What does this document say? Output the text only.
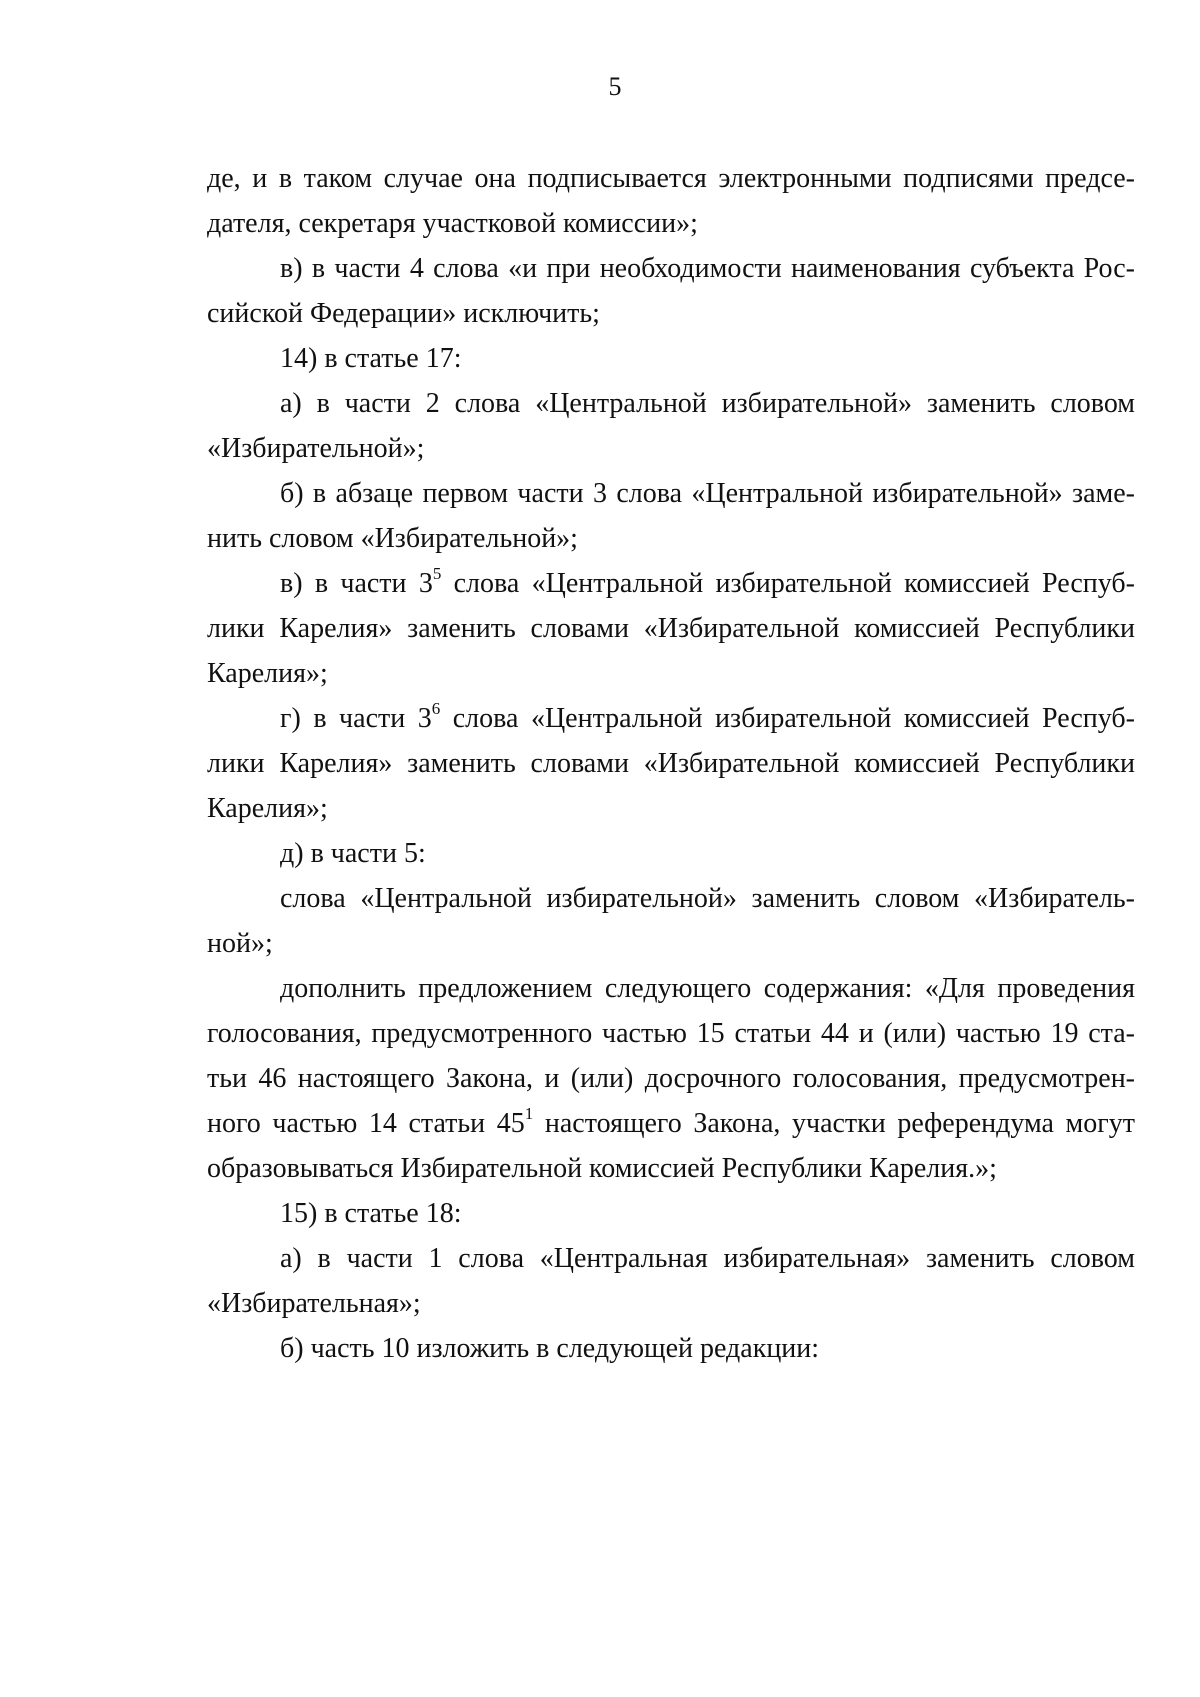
5
де, и в таком случае она подписывается электронными подписями предсе-
дателя, секретаря участковой комиссии»;
в) в части 4 слова «и при необходимости наименования субъекта Рос-
сийской Федерации» исключить;
14) в статье 17:
а) в части 2 слова «Центральной избирательной» заменить словом
«Избирательной»;
б) в абзаце первом части 3 слова «Центральной избирательной» заме-
нить словом «Избирательной»;
в) в части $3^5$ слова «Центральной избирательной комиссией Респуб-
лики Карелия» заменить словами «Избирательной комиссией Республики
Карелия»;
г) в части $3^6$ слова «Центральной избирательной комиссией Респуб-
лики Карелия» заменить словами «Избирательной комиссией Республики
Карелия»;
д) в части 5:
слова «Центральной избирательной» заменить словом «Избиратель-
ной»;
дополнить предложением следующего содержания: «Для проведения
голосования, предусмотренного частью 15 статьи 44 и (или) частью 19 ста-
тьи 46 настоящего Закона, и (или) досрочного голосования, предусмотрен-
ного частью 14 статьи $45^1$ настоящего Закона, участки референдума могут
образовываться Избирательной комиссией Республики Карелия.»;
15) в статье 18:
а) в части 1 слова «Центральная избирательная» заменить словом
«Избирательная»;
б) часть 10 изложить в следующей редакции:
